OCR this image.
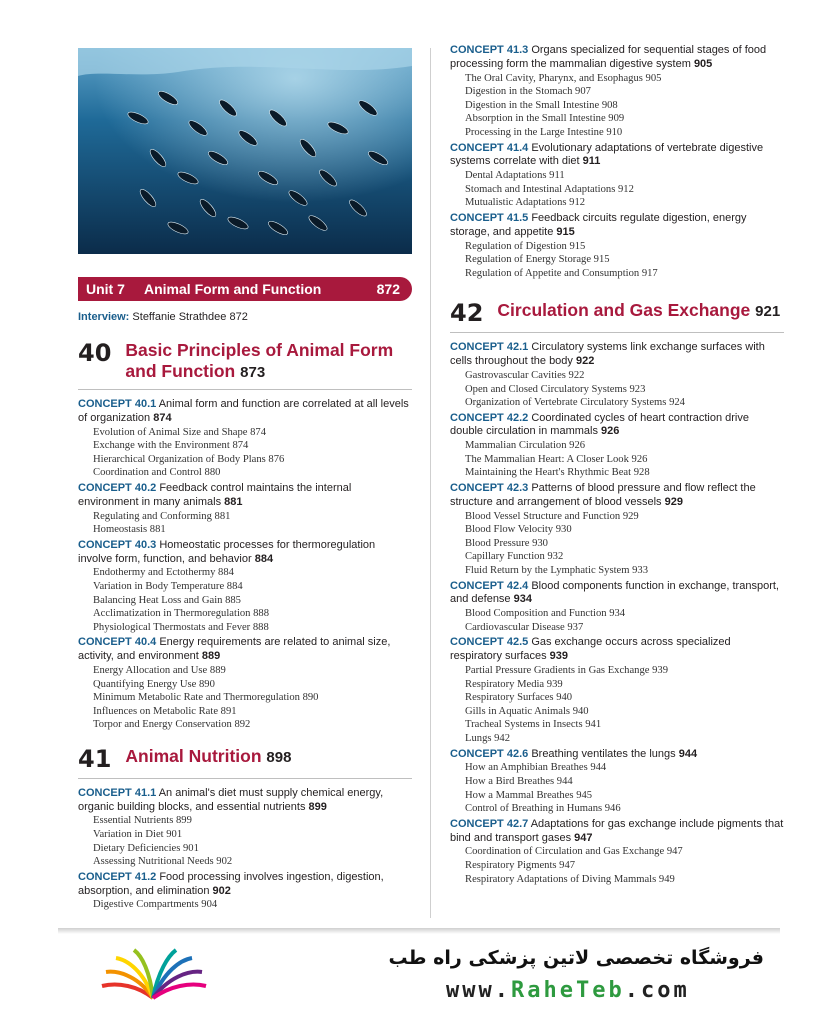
Unit 7 Animal Form and Function	872
Interview: Steffanie Strathdee 872
40 Basic Principles of Animal Form and Function 873
CONCEPT 40.1 Animal form and function are correlated at all levels of organization 874
Evolution of Animal Size and Shape 874
Exchange with the Environment 874
Hierarchical Organization of Body Plans 876
Coordination and Control 880
CONCEPT 40.2 Feedback control maintains the internal environment in many animals 881
Regulating and Conforming 881
Homeostasis 881
CONCEPT 40.3 Homeostatic processes for thermoregulation involve form, function, and behavior 884
Endothermy and Ectothermy 884
Variation in Body Temperature 884
Balancing Heat Loss and Gain 885
Acclimatization in Thermoregulation 888
Physiological Thermostats and Fever 888
CONCEPT 40.4 Energy requirements are related to animal size, activity, and environment 889
Energy Allocation and Use 889
Quantifying Energy Use 890
Minimum Metabolic Rate and Thermoregulation 890
Influences on Metabolic Rate 891
Torpor and Energy Conservation 892
41 Animal Nutrition 898
CONCEPT 41.1 An animal's diet must supply chemical energy, organic building blocks, and essential nutrients 899
Essential Nutrients 899
Variation in Diet 901
Dietary Deficiencies 901
Assessing Nutritional Needs 902
CONCEPT 41.2 Food processing involves ingestion, digestion, absorption, and elimination 902
Digestive Compartments 904
CONCEPT 41.3 Organs specialized for sequential stages of food processing form the mammalian digestive system 905
The Oral Cavity, Pharynx, and Esophagus 905
Digestion in the Stomach 907
Digestion in the Small Intestine 908
Absorption in the Small Intestine 909
Processing in the Large Intestine 910
CONCEPT 41.4 Evolutionary adaptations of vertebrate digestive systems correlate with diet 911
Dental Adaptations 911
Stomach and Intestinal Adaptations 912
Mutualistic Adaptations 912
CONCEPT 41.5 Feedback circuits regulate digestion, energy storage, and appetite 915
Regulation of Digestion 915
Regulation of Energy Storage 915
Regulation of Appetite and Consumption 917
42 Circulation and Gas Exchange 921
CONCEPT 42.1 Circulatory systems link exchange surfaces with cells throughout the body 922
Gastrovascular Cavities 922
Open and Closed Circulatory Systems 923
Organization of Vertebrate Circulatory Systems 924
CONCEPT 42.2 Coordinated cycles of heart contraction drive double circulation in mammals 926
Mammalian Circulation 926
The Mammalian Heart: A Closer Look 926
Maintaining the Heart's Rhythmic Beat 928
CONCEPT 42.3 Patterns of blood pressure and flow reflect the structure and arrangement of blood vessels 929
Blood Vessel Structure and Function 929
Blood Flow Velocity 930
Blood Pressure 930
Capillary Function 932
Fluid Return by the Lymphatic System 933
CONCEPT 42.4 Blood components function in exchange, transport, and defense 934
Blood Composition and Function 934
Cardiovascular Disease 937
CONCEPT 42.5 Gas exchange occurs across specialized respiratory surfaces 939
Partial Pressure Gradients in Gas Exchange 939
Respiratory Media 939
Respiratory Surfaces 940
Gills in Aquatic Animals 940
Tracheal Systems in Insects 941
Lungs 942
CONCEPT 42.6 Breathing ventilates the lungs 944
How an Amphibian Breathes 944
How a Bird Breathes 944
How a Mammal Breathes 945
Control of Breathing in Humans 946
CONCEPT 42.7 Adaptations for gas exchange include pigments that bind and transport gases 947
Coordination of Circulation and Gas Exchange 947
Respiratory Pigments 947
Respiratory Adaptations of Diving Mammals 949
فروشگاه تخصصی لاتین پزشکی راه طب
www.RaheTeb.com
